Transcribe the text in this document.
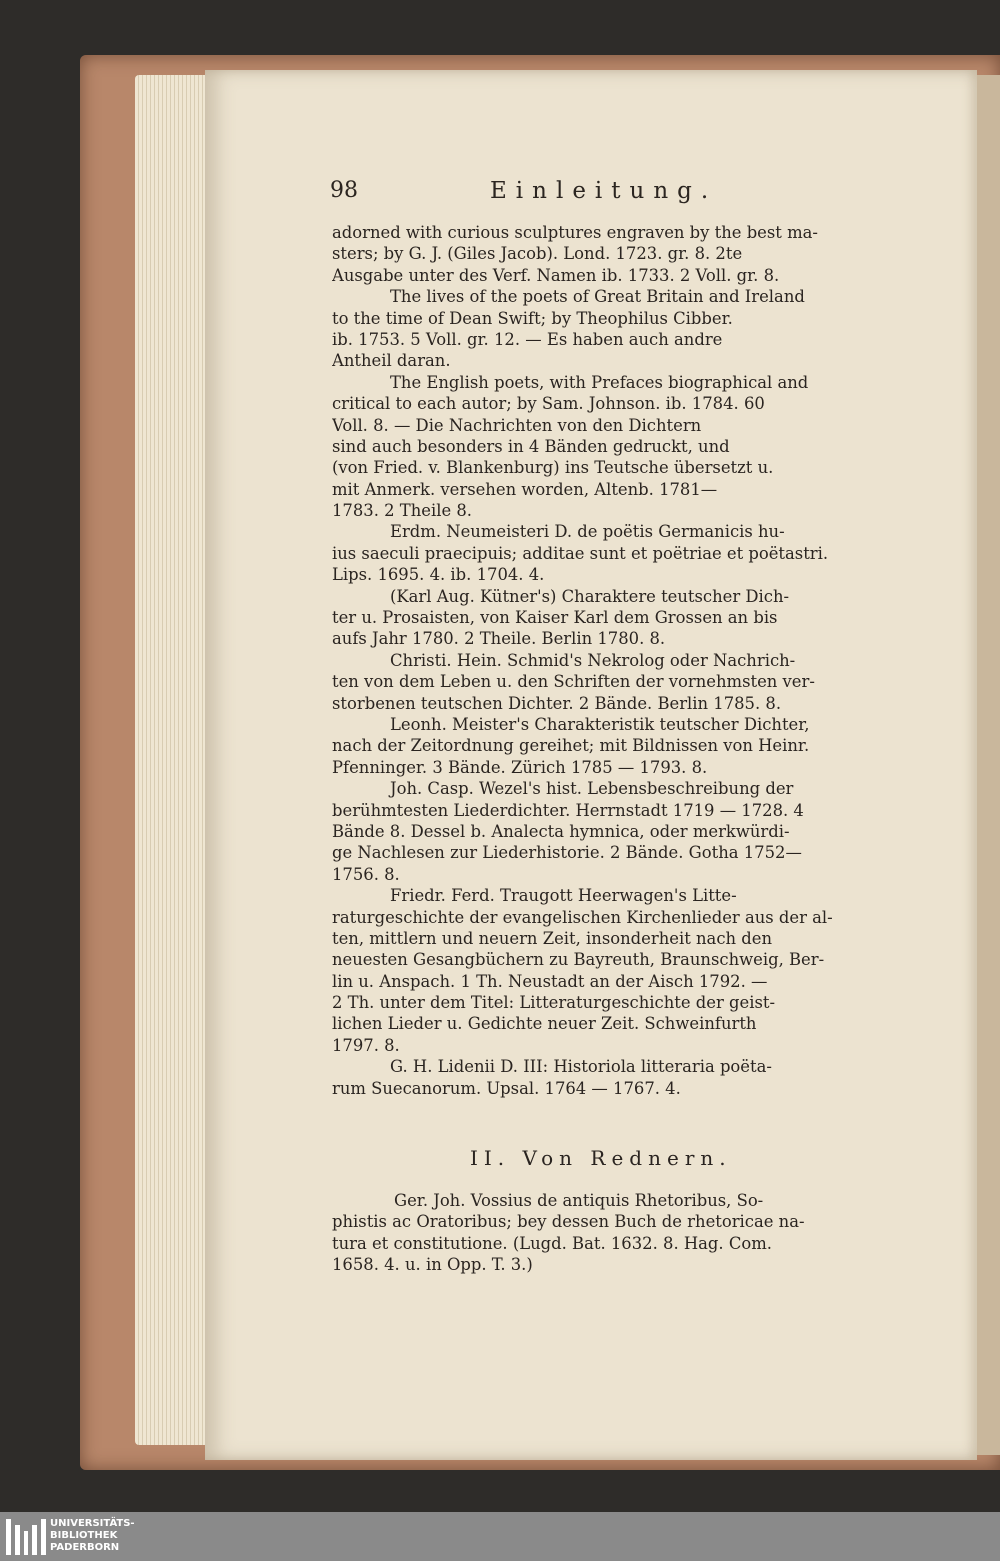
98	Einleitung.
adorned with curious sculptures engraven by the best ma-
sters; by G. J. (Giles Jacob). Lond. 1723. gr. 8. 2te
Ausgabe unter des Verf. Namen ib. 1733. 2 Voll. gr. 8.
The lives of the poets of Great Britain and Ireland
to the time of Dean Swift; by Theophilus Cibber.
ib. 1753. 5 Voll. gr. 12. — Es haben auch andre
Antheil daran.
The English poets, with Prefaces biographical and
critical to each autor; by Sam. Johnson. ib. 1784. 60
Voll. 8. — Die Nachrichten von den Dichtern
sind auch besonders in 4 Bänden gedruckt, und
(von Fried. v. Blankenburg) ins Teutsche übersetzt u.
mit Anmerk. versehen worden, Altenb. 1781—
1783. 2 Theile 8.
Erdm. Neumeisteri D. de poëtis Germanicis hu-
ius saeculi praecipuis; additae sunt et poëtriae et poëtastri.
Lips. 1695. 4. ib. 1704. 4.
(Karl Aug. Kütner's) Charaktere teutscher Dich-
ter u. Prosaisten, von Kaiser Karl dem Grossen an bis
aufs Jahr 1780. 2 Theile. Berlin 1780. 8.
Christi. Hein. Schmid's Nekrolog oder Nachrich-
ten von dem Leben u. den Schriften der vornehmsten ver-
storbenen teutschen Dichter. 2 Bände. Berlin 1785. 8.
Leonh. Meister's Charakteristik teutscher Dichter,
nach der Zeitordnung gereihet; mit Bildnissen von Heinr.
Pfenninger. 3 Bände. Zürich 1785 — 1793. 8.
Joh. Casp. Wezel's hist. Lebensbeschreibung der
berühmtesten Liederdichter. Herrnstadt 1719 — 1728. 4
Bände 8. Dessel b. Analecta hymnica, oder merkwürdi-
ge Nachlesen zur Liederhistorie. 2 Bände. Gotha 1752—
1756. 8.
Friedr. Ferd. Traugott Heerwagen's Litte-
raturgeschichte der evangelischen Kirchenlieder aus der al-
ten, mittlern und neuern Zeit, insonderheit nach den
neuesten Gesangbüchern zu Bayreuth, Braunschweig, Ber-
lin u. Anspach. 1 Th. Neustadt an der Aisch 1792. —
2 Th. unter dem Titel: Litteraturgeschichte der geist-
lichen Lieder u. Gedichte neuer Zeit. Schweinfurth
1797. 8.
G. H. Lidenii D. III: Historiola litteraria poëta-
rum Suecanorum. Upsal. 1764 — 1767. 4.
II. Von Rednern.
Ger. Joh. Vossius de antiquis Rhetoribus, So-
phistis ac Oratoribus; bey dessen Buch de rhetoricae na-
tura et constitutione. (Lugd. Bat. 1632. 8. Hag. Com.
1658. 4. u. in Opp. T. 3.)
UNIVERSITÄTS-
BIBLIOTHEK
PADERBORN
